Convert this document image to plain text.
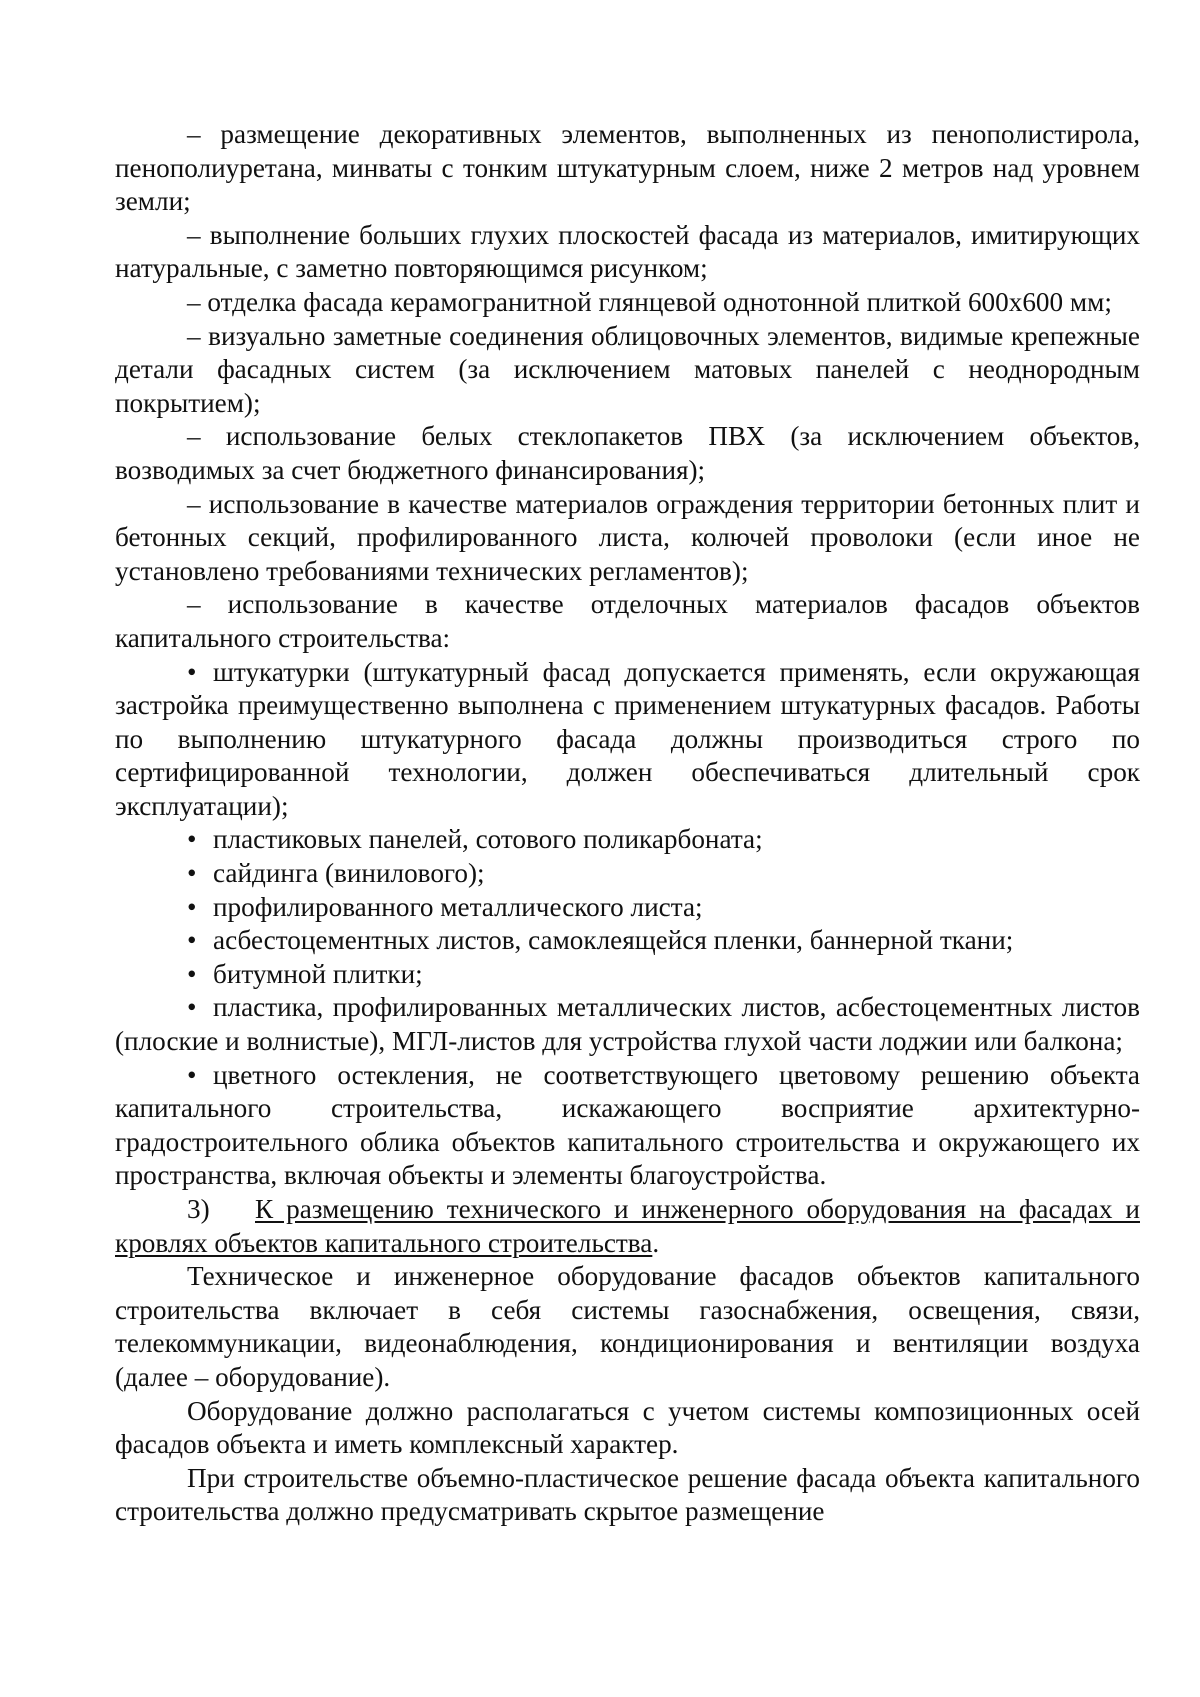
– размещение декоративных элементов, выполненных из пенополистирола, пенополиуретана, минваты с тонким штукатурным слоем, ниже 2 метров над уровнем земли;

– выполнение больших глухих плоскостей фасада из материалов, имитирующих натуральные, с заметно повторяющимся рисунком;

– отделка фасада керамогранитной глянцевой однотонной плиткой 600х600 мм;

– визуально заметные соединения облицовочных элементов, видимые крепежные детали фасадных систем (за исключением матовых панелей с неоднородным покрытием);

– использование белых стеклопакетов ПВХ (за исключением объектов, возводимых за счет бюджетного финансирования);

– использование в качестве материалов ограждения территории бетонных плит и бетонных секций, профилированного листа, колючей проволоки (если иное не установлено требованиями технических регламентов);

– использование в качестве отделочных материалов фасадов объектов капитального строительства:

• штукатурки (штукатурный фасад допускается применять, если окружающая застройка преимущественно выполнена с применением штукатурных фасадов. Работы по выполнению штукатурного фасада должны производиться строго по сертифицированной технологии, должен обеспечиваться длительный срок эксплуатации);
• пластиковых панелей, сотового поликарбоната;
• сайдинга (винилового);
• профилированного металлического листа;
• асбестоцементных листов, самоклеящейся пленки, баннерной ткани;
• битумной плитки;
• пластика, профилированных металлических листов, асбестоцементных листов (плоские и волнистые), МГЛ-листов для устройства глухой части лоджии или балкона;
• цветного остекления, не соответствующего цветовому решению объекта капитального строительства, искажающего восприятие архитектурно-градостроительного облика объектов капитального строительства и окружающего их пространства, включая объекты и элементы благоустройства.

3) К размещению технического и инженерного оборудования на фасадах и кровлях объектов капитального строительства.

Техническое и инженерное оборудование фасадов объектов капитального строительства включает в себя системы газоснабжения, освещения, связи, телекоммуникации, видеонаблюдения, кондиционирования и вентиляции воздуха (далее – оборудование).

Оборудование должно располагаться с учетом системы композиционных осей фасадов объекта и иметь комплексный характер.

При строительстве объемно-пластическое решение фасада объекта капитального строительства должно предусматривать скрытое размещение
